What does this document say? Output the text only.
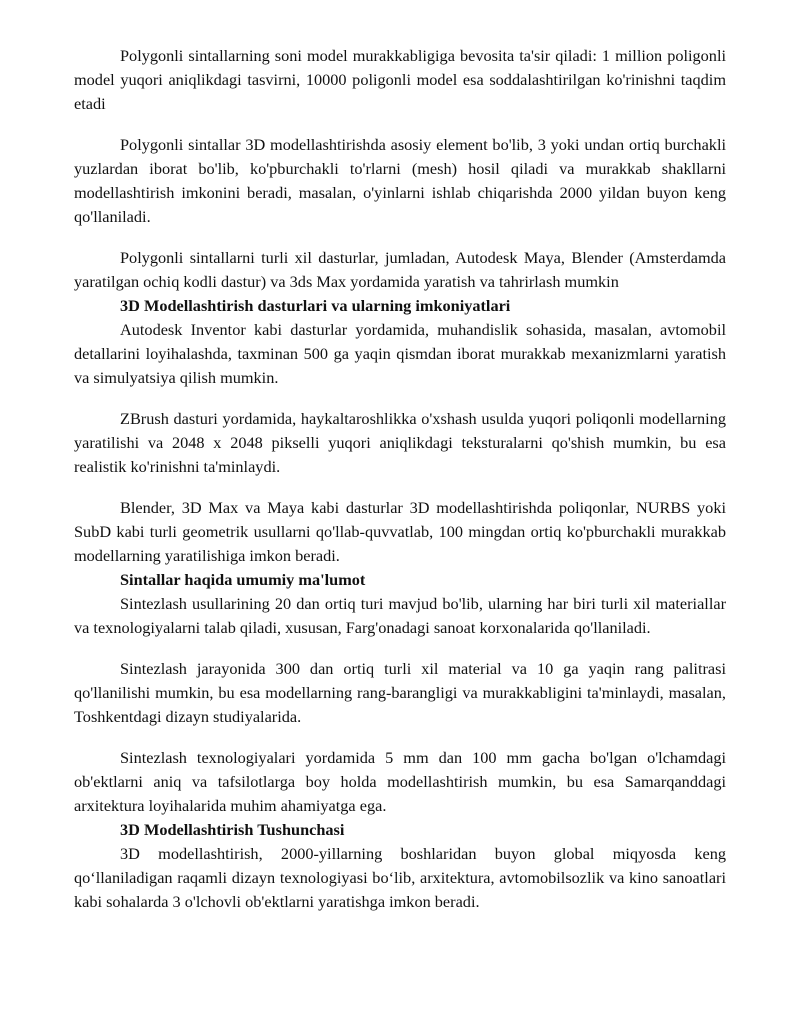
Polygonli sintallarning soni model murakkabligiga bevosita ta'sir qiladi: 1 million poligonli model yuqori aniqlikdagi tasvirni, 10000 poligonli model esa soddalashtirilgan ko'rinishni taqdim etadi

Polygonli sintallar 3D modellashtirishda asosiy element bo'lib, 3 yoki undan ortiq burchakli yuzlardan iborat bo'lib, ko'pburchakli to'rlarni (mesh) hosil qiladi va murakkab shakllarni modellashtirish imkonini beradi, masalan, o'yinlarni ishlab chiqarishda 2000 yildan buyon keng qo'llaniladi.

Polygonli sintallarni turli xil dasturlar, jumladan, Autodesk Maya, Blender (Amsterdamda yaratilgan ochiq kodli dastur) va 3ds Max yordamida yaratish va tahrirlash mumkin

3D Modellashtirish dasturlari va ularning imkoniyatlari

Autodesk Inventor kabi dasturlar yordamida, muhandislik sohasida, masalan, avtomobil detallarini loyihalashda, taxminan 500 ga yaqin qismdan iborat murakkab mexanizmlarni yaratish va simulyatsiya qilish mumkin.

ZBrush dasturi yordamida, haykaltaroshlikka o'xshash usulda yuqori poliqonli modellarning yaratilishi va 2048 x 2048 pikselli yuqori aniqlikdagi teksturalarni qo'shish mumkin, bu esa realistik ko'rinishni ta'minlaydi.

Blender, 3D Max va Maya kabi dasturlar 3D modellashtirishda poliqonlar, NURBS yoki SubD kabi turli geometrik usullarni qo'llab-quvvatlab, 100 mingdan ortiq ko'pburchakli murakkab modellarning yaratilishiga imkon beradi.

Sintallar haqida umumiy ma'lumot

Sintezlash usullarining 20 dan ortiq turi mavjud bo'lib, ularning har biri turli xil materiallar va texnologiyalarni talab qiladi, xususan, Farg'onadagi sanoat korxonalarida qo'llaniladi.

Sintezlash jarayonida 300 dan ortiq turli xil material va 10 ga yaqin rang palitrasi qo'llanilishi mumkin, bu esa modellarning rang-barangligi va murakkabligini ta'minlaydi, masalan, Toshkentdagi dizayn studiyalarida.

Sintezlash texnologiyalari yordamida 5 mm dan 100 mm gacha bo'lgan o'lchamdagi ob'ektlarni aniq va tafsilotlarga boy holda modellashtirish mumkin, bu esa Samarqanddagi arxitektura loyihalarida muhim ahamiyatga ega.

3D Modellashtirish Tushunchasi

3D modellashtirish, 2000-yillarning boshlaridan buyon global miqyosda keng qo‘llaniladigan raqamli dizayn texnologiyasi bo‘lib, arxitektura, avtomobilsozlik va kino sanoatlari kabi sohalarda 3 o'lchovli ob'ektlarni yaratishga imkon beradi.
